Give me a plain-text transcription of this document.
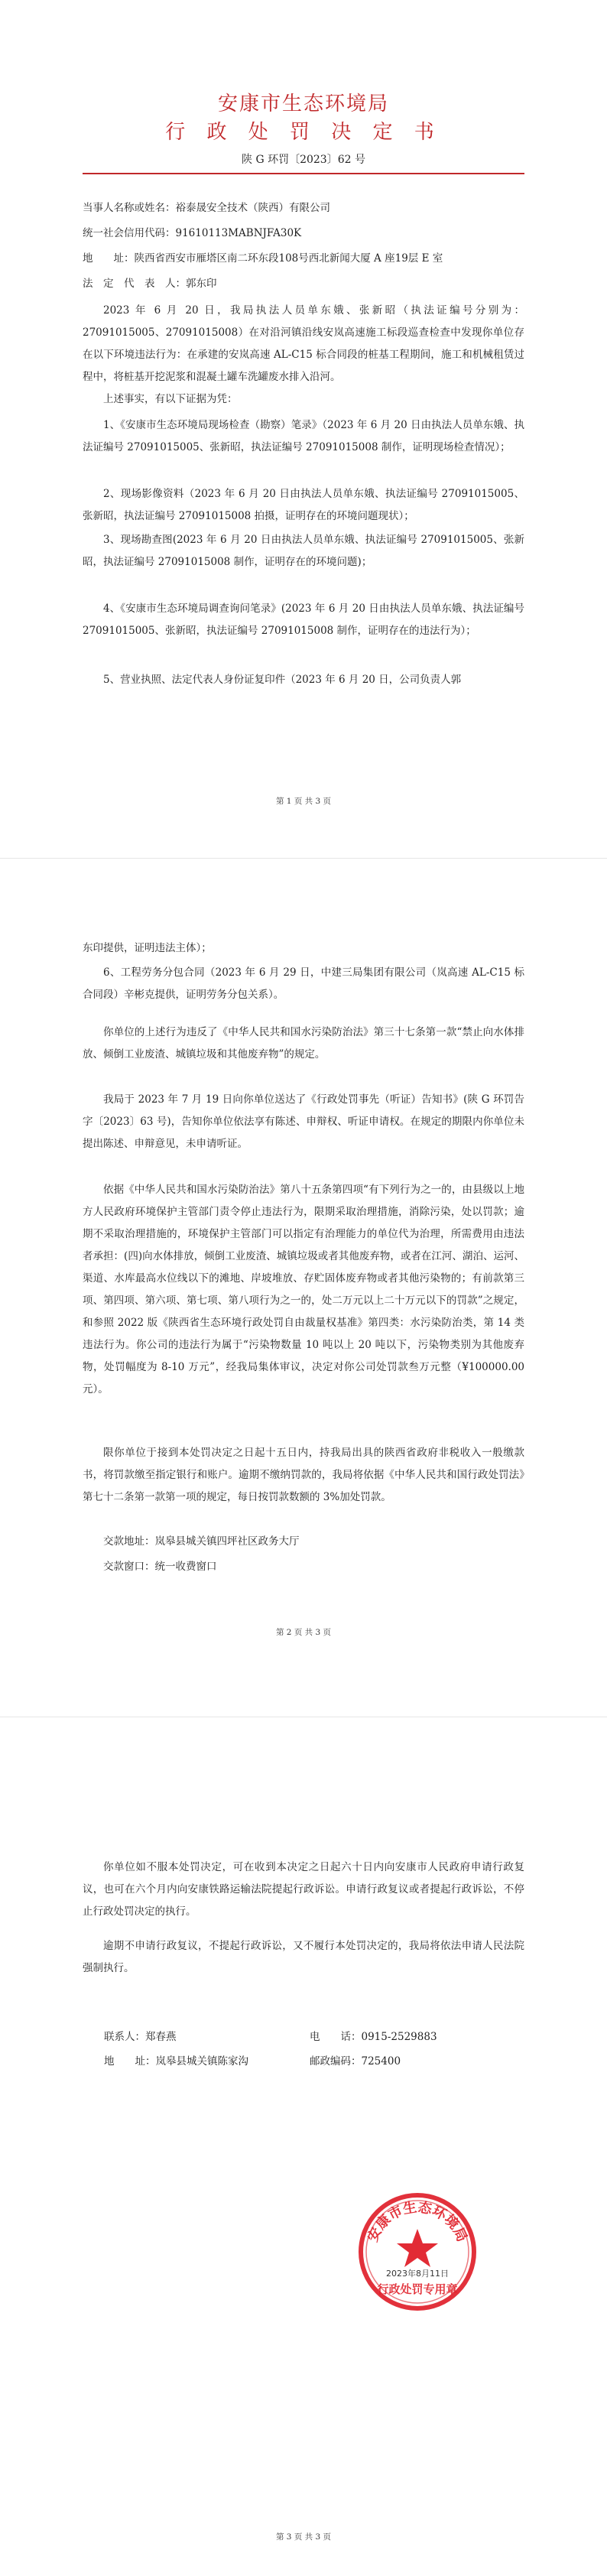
安康市生态环境局
行 政 处 罚 决 定 书
陕 G 环罚〔2023〕62 号
当事人名称或姓名：裕泰晟安全技术（陕西）有限公司
统一社会信用代码：91610113MABNJFA30K
地　　址：陕西省西安市雁塔区南二环东段108号西北新闻大厦 A 座19层 E 室
法　定　代　表　人：郭东印

2023 年 6 月 20 日，我局执法人员单东娥、张新昭（执法证编号分别为：27091015005、27091015008）在对沿河镇沿线安岚高速施工标段巡查检查中发现你单位存在以下环境违法行为：在承建的安岚高速 AL-C15 标合同段的桩基工程期间，施工和机械租赁过程中，将桩基开挖泥浆和混凝土罐车洗罐废水排入沿河。

上述事实，有以下证据为凭：

1、《安康市生态环境局现场检查（勘察）笔录》（2023 年 6 月 20 日由执法人员单东娥、执法证编号 27091015005、张新昭，执法证编号 27091015008 制作，证明现场检查情况）；

2、现场影像资料（2023 年 6 月 20 日由执法人员单东娥、执法证编号 27091015005、张新昭，执法证编号 27091015008 拍摄，证明存在的环境问题现状）；

3、现场勘查图(2023 年 6 月 20 日由执法人员单东娥、执法证编号 27091015005、张新昭，执法证编号 27091015008 制作，证明存在的环境问题)；

4、《安康市生态环境局调查询问笔录》(2023 年 6 月 20 日由执法人员单东娥、执法证编号 27091015005、张新昭，执法证编号 27091015008 制作，证明存在的违法行为）；

5、营业执照、法定代表人身份证复印件（2023 年 6 月 20 日，公司负责人郭

第 1 页 共 3 页

东印提供，证明违法主体）；

6、工程劳务分包合同（2023 年 6 月 29 日，中建三局集团有限公司（岚高速 AL-C15 标合同段）辛彬克提供，证明劳务分包关系）。

你单位的上述行为违反了《中华人民共和国水污染防治法》第三十七条第一款“禁止向水体排放、倾倒工业废渣、城镇垃圾和其他废弃物”的规定。

我局于 2023 年 7 月 19 日向你单位送达了《行政处罚事先（听证）告知书》(陕 G 环罚告字〔2023〕63 号)，告知你单位依法享有陈述、申辩权、听证申请权。在规定的期限内你单位未提出陈述、申辩意见，未申请听证。

依据《中华人民共和国水污染防治法》第八十五条第四项“有下列行为之一的，由县级以上地方人民政府环境保护主管部门责令停止违法行为，限期采取治理措施，消除污染，处以罚款；逾期不采取治理措施的，环境保护主管部门可以指定有治理能力的单位代为治理，所需费用由违法者承担：(四)向水体排放，倾倒工业废渣、城镇垃圾或者其他废弃物，或者在江河、湖泊、运河、渠道、水库最高水位线以下的滩地、岸坡堆放、存贮固体废弃物或者其他污染物的；有前款第三项、第四项、第六项、第七项、第八项行为之一的，处二万元以上二十万元以下的罚款”之规定，和参照 2022 版《陕西省生态环境行政处罚自由裁量权基准》第四类：水污染防治类，第 14 类违法行为。你公司的违法行为属于“污染物数量 10 吨以上 20 吨以下，污染物类别为其他废弃物，处罚幅度为 8-10 万元”，经我局集体审议，决定对你公司处罚款叁万元整（¥100000.00 元）。

限你单位于接到本处罚决定之日起十五日内，持我局出具的陕西省政府非税收入一般缴款书，将罚款缴至指定银行和账户。逾期不缴纳罚款的，我局将依据《中华人民共和国行政处罚法》第七十二条第一款第一项的规定，每日按罚款数额的 3%加处罚款。

交款地址：岚皋县城关镇四坪社区政务大厅

交款窗口：统一收费窗口

第 2 页 共 3 页

你单位如不服本处罚决定，可在收到本决定之日起六十日内向安康市人民政府申请行政复议，也可在六个月内向安康铁路运输法院提起行政诉讼。申请行政复议或者提起行政诉讼，不停止行政处罚决定的执行。

逾期不申请行政复议，不提起行政诉讼，又不履行本处罚决定的，我局将依法申请人民法院强制执行。

联系人：郑春燕	电　　话：0915-2529883
地　　址：岚皋县城关镇陈家沟	邮政编码：725400
第 3 页 共 3 页
安康市生态环境局
2023年8月11日
行政处罚专用章
